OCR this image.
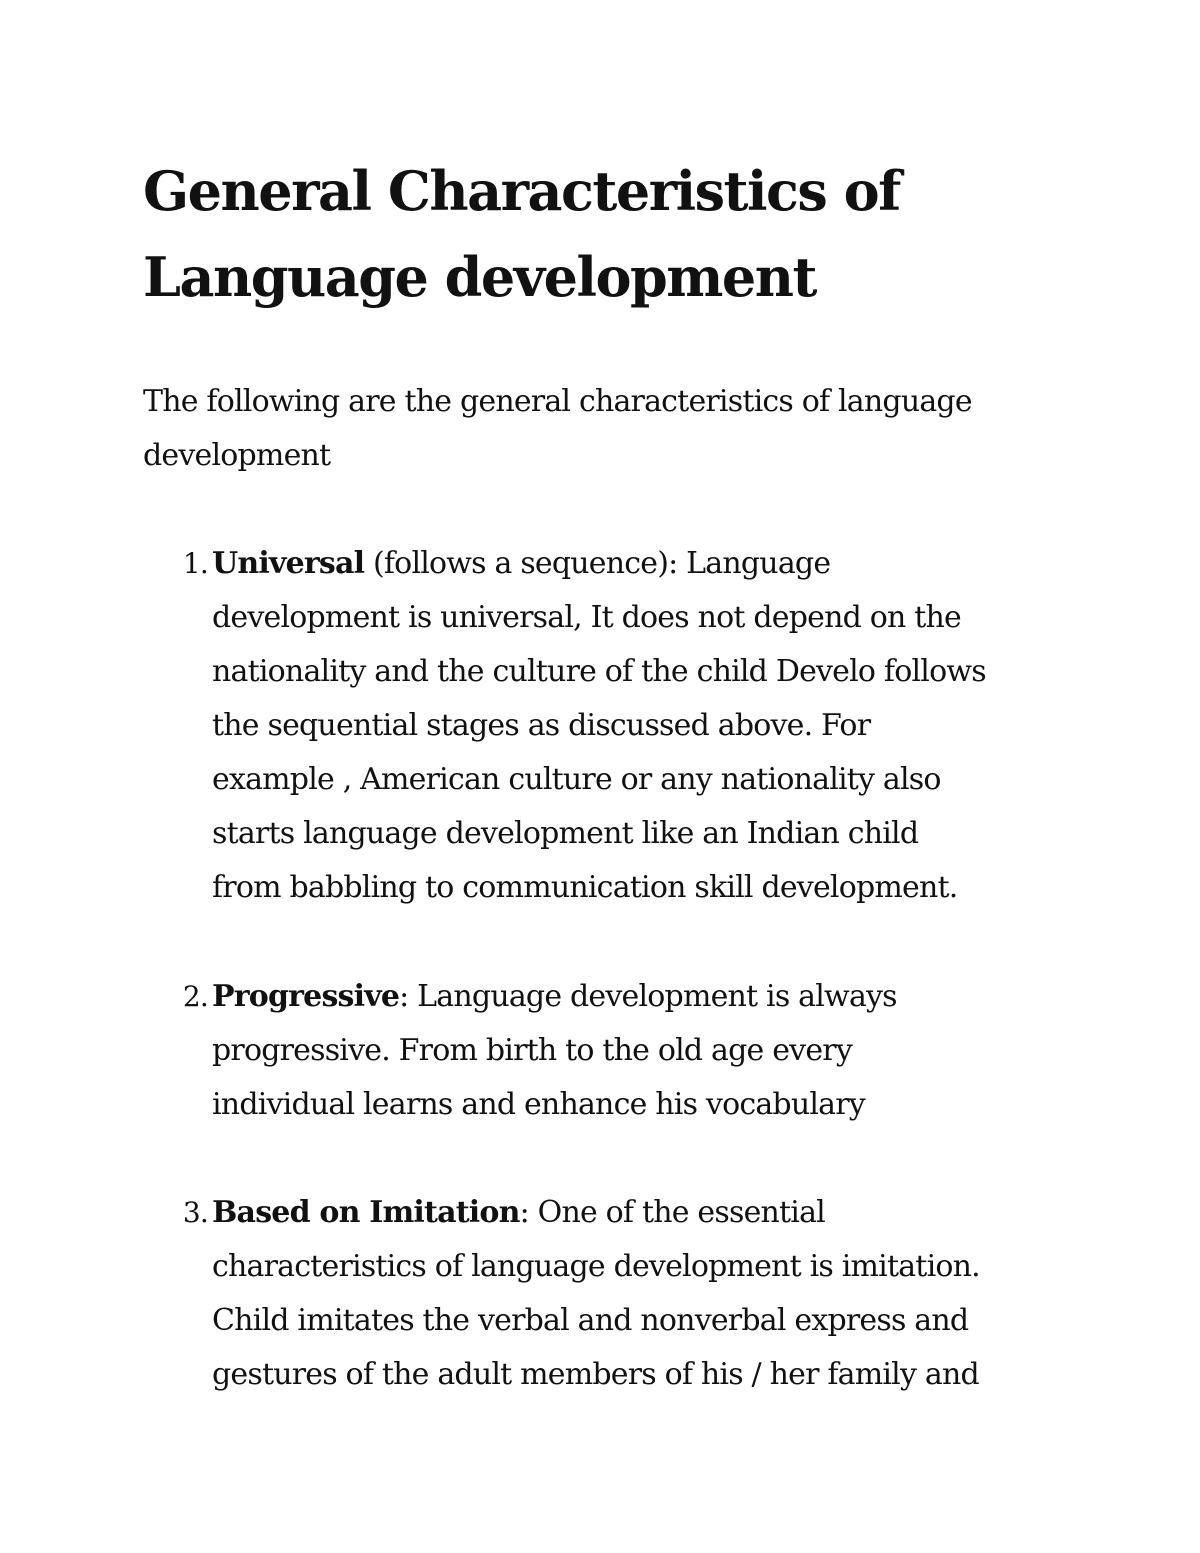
General Characteristics of
Language development

The following are the general characteristics of language
development

1. Universal (follows a sequence): Language
development is universal, It does not depend on the
nationality and the culture of the child Develo follows
the sequential stages as discussed above. For
example , American culture or any nationality also
starts language development like an Indian child
from babbling to communication skill development.
2. Progressive: Language development is always
progressive. From birth to the old age every
individual learns and enhance his vocabulary
3. Based on Imitation: One of the essential
characteristics of language development is imitation.
Child imitates the verbal and nonverbal express and
gestures of the adult members of his / her family and
